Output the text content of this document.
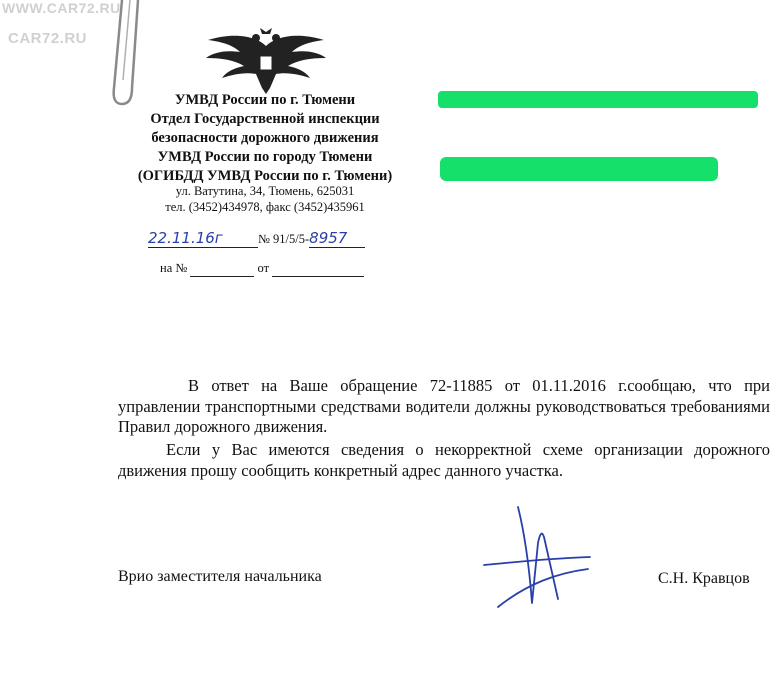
WWW.CAR72.RU
CAR72.RU
УМВД России по г. Тюмени
Отдел Государственной инспекции
безопасности дорожного движения
УМВД России по городу Тюмени
(ОГИБДД УМВД России по г. Тюмени)
ул. Ватутина, 34, Тюмень, 625031
тел. (3452)434978, факс (3452)435961
22.11.16г	№ 91/5/5-8957
на №	от
В ответ на Ваше обращение 72-11885 от 01.11.2016 г.сообщаю, что при управлении транспортными средствами водители должны руководствоваться требованиями Правил дорожного движения.
Если у Вас имеются сведения о некорректной схеме организации дорожного движения прошу сообщить конкретный адрес данного участка.
Врио заместителя начальника	С.Н. Кравцов
